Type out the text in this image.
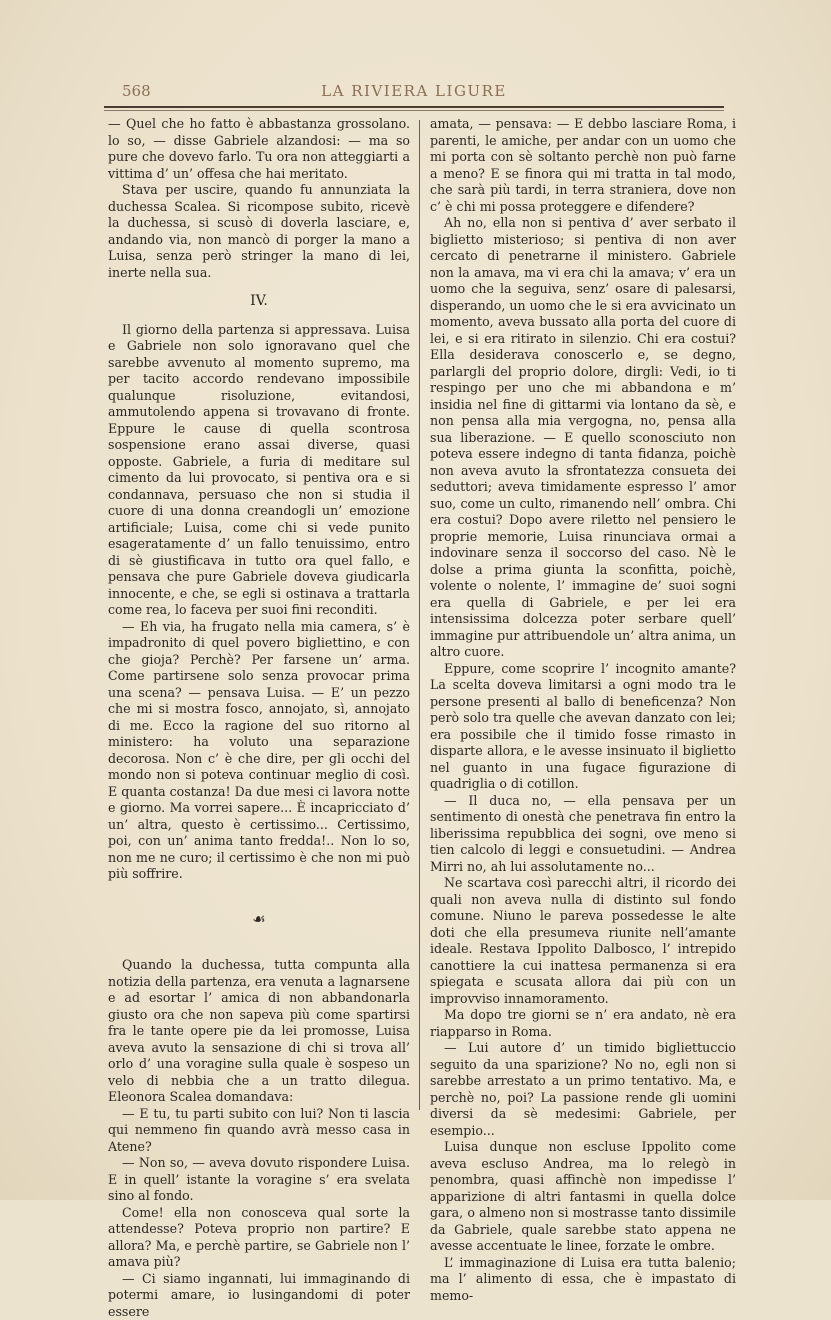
568	LA RIVIERA LIGURE

— Quel che ho fatto è abbastanza grossolano. lo so, — disse Gabriele alzandosi: — ma so pure che dovevo farlo. Tu ora non atteggiarti a vittima d’ un’ offesa che hai meritato.

Stava per uscire, quando fu annunziata la duchessa Scalea. Si ricompose subito, ricevè la duchessa, si scusò di doverla lasciare, e, andando via, non mancò di porger la mano a Luisa, senza però stringer la mano di lei, inerte nella sua.

IV.

Il giorno della partenza si appressava. Luisa e Gabriele non solo ignoravano quel che sarebbe avvenuto al momento supremo, ma per tacito accordo rendevano impossibile qualunque risoluzione, evitandosi, ammutolendo appena si trovavano di fronte. Eppure le cause di quella scontrosa sospensione erano assai diverse, quasi opposte. Gabriele, a furia di meditare sul cimento da lui provocato, si pentiva ora e si condannava, persuaso che non si studia il cuore di una donna creandogli un’ emozione artificiale; Luisa, come chi si vede punito esageratamente d’ un fallo tenuissimo, entro di sè giustificava in tutto ora quel fallo, e pensava che pure Gabriele doveva giudicarla innocente, e che, se egli si ostinava a trattarla come rea, lo faceva per suoi fini reconditi.

— Eh via, ha frugato nella mia camera, s’ è impadronito di quel povero bigliettino, e con che gioja? Perchè? Per farsene un’ arma. Come partirsene solo senza provocar prima una scena? — pensava Luisa. — E’ un pezzo che mi si mostra fosco, annojato, sì, annojato di me. Ecco la ragione del suo ritorno al ministero: ha voluto una separazione decorosa. Non c’ è che dire, per gli occhi del mondo non si poteva continuar meglio di così. E quanta costanza! Da due mesi ci lavora notte e giorno. Ma vorrei sapere... È incapricciato d’ un’ altra, questo è certissimo... Certissimo, poi, con un’ anima tanto fredda!.. Non lo so, non me ne curo; il certissimo è che non mi può più soffrire.

☙

Quando la duchessa, tutta compunta alla notizia della partenza, era venuta a lagnarsene e ad esortar l’ amica di non abbandonarla giusto ora che non sapeva più come spartirsi fra le tante opere pie da lei promosse, Luisa aveva avuto la sensazione di chi si trova all’ orlo d’ una voragine sulla quale è sospeso un velo di nebbia che a un tratto dilegua. Eleonora Scalea domandava:

— E tu, tu parti subito con lui? Non ti lascia qui nemmeno fin quando avrà messo casa in Atene?

— Non so, — aveva dovuto rispondere Luisa. E in quell’ istante la voragine s’ era svelata sino al fondo.

Come! ella non conosceva qual sorte la attendesse? Poteva proprio non partire? E allora? Ma, e perchè partire, se Gabriele non l’ amava più?

— Ci siamo ingannati, lui immaginando di potermi amare, io lusingandomi di poter essere

amata, — pensava: — E debbo lasciare Roma, i parenti, le amiche, per andar con un uomo che mi porta con sè soltanto perchè non può farne a meno? E se finora qui mi tratta in tal modo, che sarà più tardi, in terra straniera, dove non c’ è chi mi possa proteggere e difendere?

Ah no, ella non si pentiva d’ aver serbato il biglietto misterioso; si pentiva di non aver cercato di penetrarne il ministero. Gabriele non la amava, ma vi era chi la amava; v’ era un uomo che la seguiva, senz’ osare di palesarsi, disperando, un uomo che le si era avvicinato un momento, aveva bussato alla porta del cuore di lei, e si era ritirato in silenzio. Chi era costui? Ella desiderava conoscerlo e, se degno, parlargli del proprio dolore, dirgli: Vedi, io ti respingo per uno che mi abbandona e m’ insidia nel fine di gittarmi via lontano da sè, e non pensa alla mia vergogna, no, pensa alla sua liberazione. — E quello sconosciuto non poteva essere indegno di tanta fidanza, poichè non aveva avuto la sfrontatezza consueta dei seduttori; aveva timidamente espresso l’ amor suo, come un culto, rimanendo nell’ ombra. Chi era costui? Dopo avere riletto nel pensiero le proprie memorie, Luisa rinunciava ormai a indovinare senza il soccorso del caso. Nè le dolse a prima giunta la sconfitta, poichè, volente o nolente, l’ immagine de’ suoi sogni era quella di Gabriele, e per lei era intensissima dolcezza poter serbare quell’ immagine pur attribuendole un’ altra anima, un altro cuore.

Eppure, come scoprire l’ incognito amante? La scelta doveva limitarsi a ogni modo tra le persone presenti al ballo di beneficenza? Non però solo tra quelle che avevan danzato con lei; era possibile che il timido fosse rimasto in disparte allora, e le avesse insinuato il biglietto nel guanto in una fugace figurazione di quadriglia o di cotillon.

— Il duca no, — ella pensava per un sentimento di onestà che penetrava fin entro la liberissima repubblica dei sogni, ove meno si tien calcolo di leggi e consuetudini. — Andrea Mirri no, ah lui assolutamente no...

Ne scartava così parecchi altri, il ricordo dei quali non aveva nulla di distinto sul fondo comune. Niuno le pareva possedesse le alte doti che ella presumeva riunite nell’amante ideale. Restava Ippolito Dalbosco, l’ intrepido canottiere la cui inattesa permanenza si era spiegata e scusata allora dai più con un improvviso innamoramento.

Ma dopo tre giorni se n’ era andato, nè era riapparso in Roma.

— Lui autore d’ un timido bigliettuccio seguito da una sparizione? No no, egli non si sarebbe arrestato a un primo tentativo. Ma, e perchè no, poi? La passione rende gli uomini diversi da sè medesimi: Gabriele, per esempio...

Luisa dunque non escluse Ippolito come aveva escluso Andrea, ma lo relegò in penombra, quasi affinchè non impedisse l’ apparizione di altri fantasmi in quella dolce gara, o almeno non si mostrasse tanto dissimile da Gabriele, quale sarebbe stato appena ne avesse accentuate le linee, forzate le ombre.

L’ immaginazione di Luisa era tutta balenio; ma l’ alimento di essa, che è impastato di memo-
